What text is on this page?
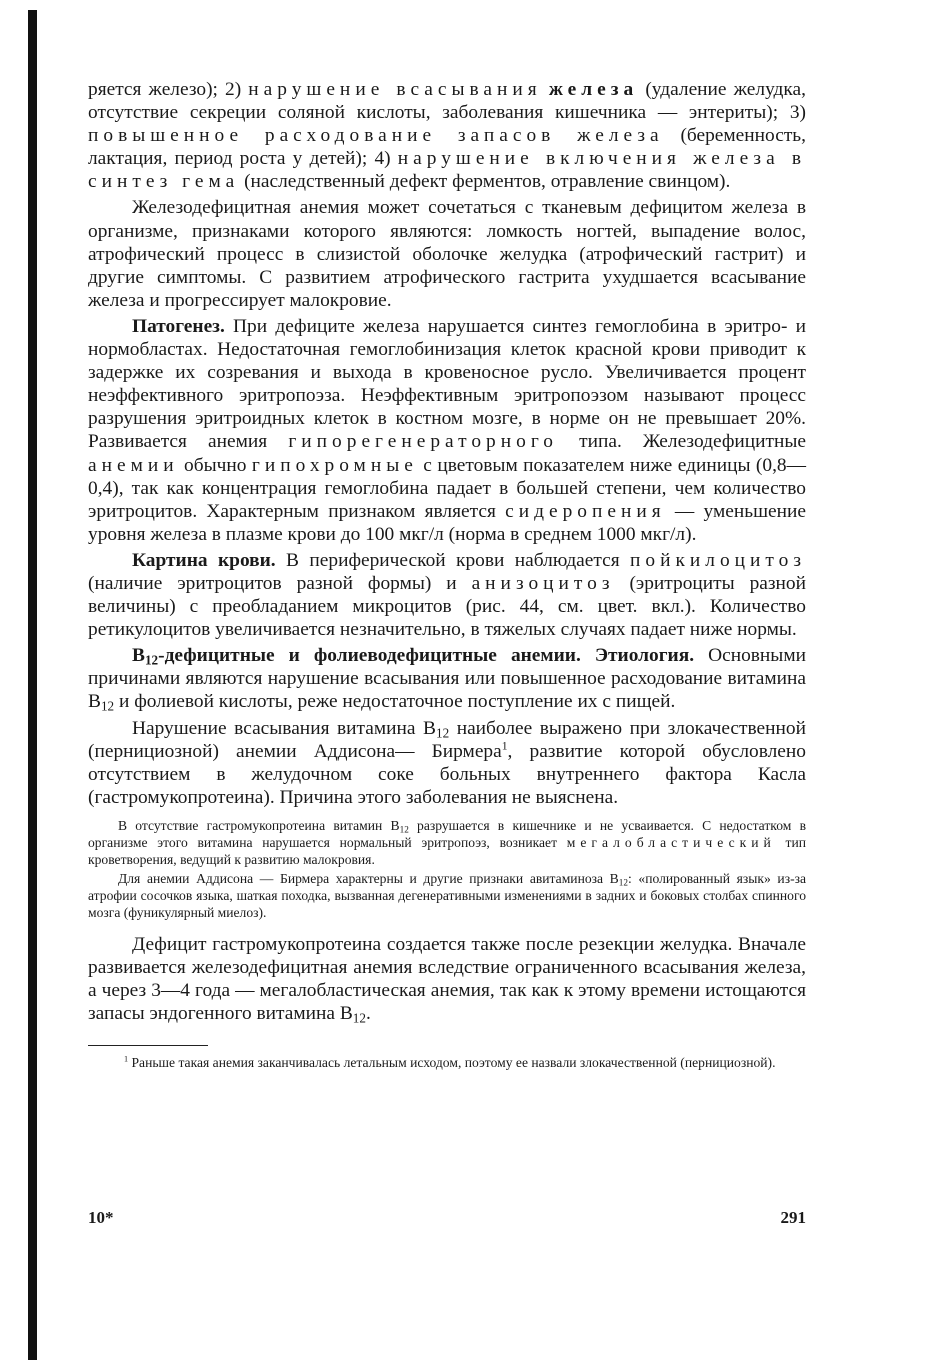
ряется железо); 2) нарушение всасывания железа (удаление желудка, отсутствие секреции соляной кислоты, заболевания кишечника — энтериты); 3) повышенное расходование запасов железа (беременность, лактация, период роста у детей); 4) нарушение включения железа в синтез гема (наследственный дефект ферментов, отравление свинцом).

Железодефицитная анемия может сочетаться с тканевым дефицитом железа в организме, признаками которого являются: ломкость ногтей, выпадение волос, атрофический процесс в слизистой оболочке желудка (атрофический гастрит) и другие симптомы. С развитием атрофического гастрита ухудшается всасывание железа и прогрессирует малокровие.

Патогенез. При дефиците железа нарушается синтез гемоглобина в эритро- и нормобластах. Недостаточная гемоглобинизация клеток красной крови приводит к задержке их созревания и выхода в кровеносное русло. Увеличивается процент неэффективного эритропоэза. Неэффективным эритропоэзом называют процесс разрушения эритроидных клеток в костном мозге, в норме он не превышает 20%. Развивается анемия гипорегенераторного типа. Железодефицитные анемии обычно гипохромные с цветовым показателем ниже единицы (0,8—0,4), так как концентрация гемоглобина падает в большей степени, чем количество эритроцитов. Характерным признаком является сидеропения — уменьшение уровня железа в плазме крови до 100 мкг/л (норма в среднем 1000 мкг/л).

Картина крови. В периферической крови наблюдается пойкилоцитоз (наличие эритроцитов разной формы) и анизоцитоз (эритроциты разной величины) с преобладанием микроцитов (рис. 44, см. цвет. вкл.). Количество ретикулоцитов увеличивается незначительно, в тяжелых случаях падает ниже нормы.

$B_{12}$-дефицитные и фолиеводефицитные анемии. Этиология. Основными причинами являются нарушение всасывания или повышенное расходование витамина $B_{12}$ и фолиевой кислоты, реже недостаточное поступление их с пищей.

Нарушение всасывания витамина $B_{12}$ наиболее выражено при злокачественной (пернициозной) анемии Аддисона— Бирмера$^1$, развитие которой обусловлено отсутствием в желудочном соке больных внутреннего фактора Касла (гастромукопротеина). Причина этого заболевания не выяснена.

В отсутствие гастромукопротеина витамин $B_{12}$ разрушается в кишечнике и не усваивается. С недостатком в организме этого витамина нарушается нормальный эритропоэз, возникает мегалобластический тип кроветворения, ведущий к развитию малокровия.

Для анемии Аддисона — Бирмера характерны и другие признаки авитаминоза $B_{12}$: «полированный язык» из-за атрофии сосочков языка, шаткая походка, вызванная дегенеративными изменениями в задних и боковых столбах спинного мозга (фуникулярный миелоз).

Дефицит гастромукопротеина создается также после резекции желудка. Вначале развивается железодефицитная анемия вследствие ограниченного всасывания железа, а через 3—4 года — мегалобластическая анемия, так как к этому времени истощаются запасы эндогенного витамина $B_{12}$.

$^1$ Раньше такая анемия заканчивалась летальным исходом, поэтому ее назвали злокачественной (пернициозной).

10*	291
